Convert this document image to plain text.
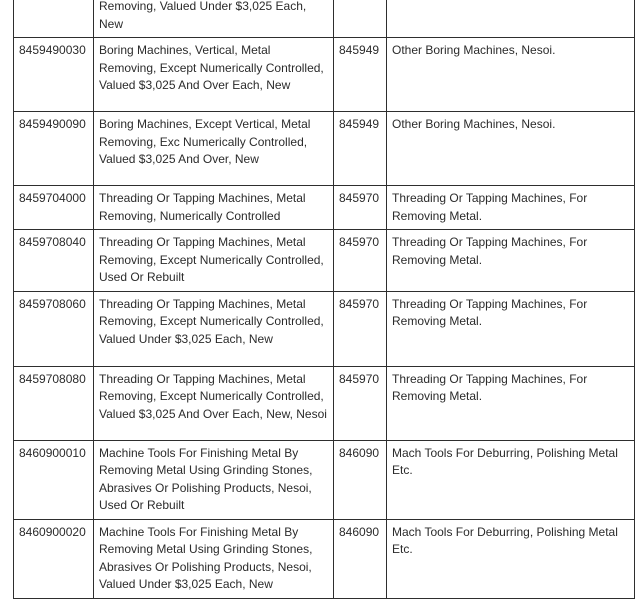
	Removing, Valued Under $3,025 Each, New		
8459490030	Boring Machines, Vertical, Metal Removing, Except Numerically Controlled, Valued $3,025 And Over Each, New	845949	Other Boring Machines, Nesoi.
8459490090	Boring Machines, Except Vertical, Metal Removing, Exc Numerically Controlled, Valued $3,025 And Over, New	845949	Other Boring Machines, Nesoi.
8459704000	Threading Or Tapping Machines, Metal Removing, Numerically Controlled	845970	Threading Or Tapping Machines, For Removing Metal.
8459708040	Threading Or Tapping Machines, Metal Removing, Except Numerically Controlled, Used Or Rebuilt	845970	Threading Or Tapping Machines, For Removing Metal.
8459708060	Threading Or Tapping Machines, Metal Removing, Except Numerically Controlled, Valued Under $3,025 Each, New	845970	Threading Or Tapping Machines, For Removing Metal.
8459708080	Threading Or Tapping Machines, Metal Removing, Except Numerically Controlled, Valued $3,025 And Over Each, New, Nesoi	845970	Threading Or Tapping Machines, For Removing Metal.
8460900010	Machine Tools For Finishing Metal By Removing Metal Using Grinding Stones, Abrasives Or Polishing Products, Nesoi, Used Or Rebuilt	846090	Mach Tools For Deburring, Polishing Metal Etc.
8460900020	Machine Tools For Finishing Metal By Removing Metal Using Grinding Stones, Abrasives Or Polishing Products, Nesoi, Valued Under $3,025 Each, New	846090	Mach Tools For Deburring, Polishing Metal Etc.
